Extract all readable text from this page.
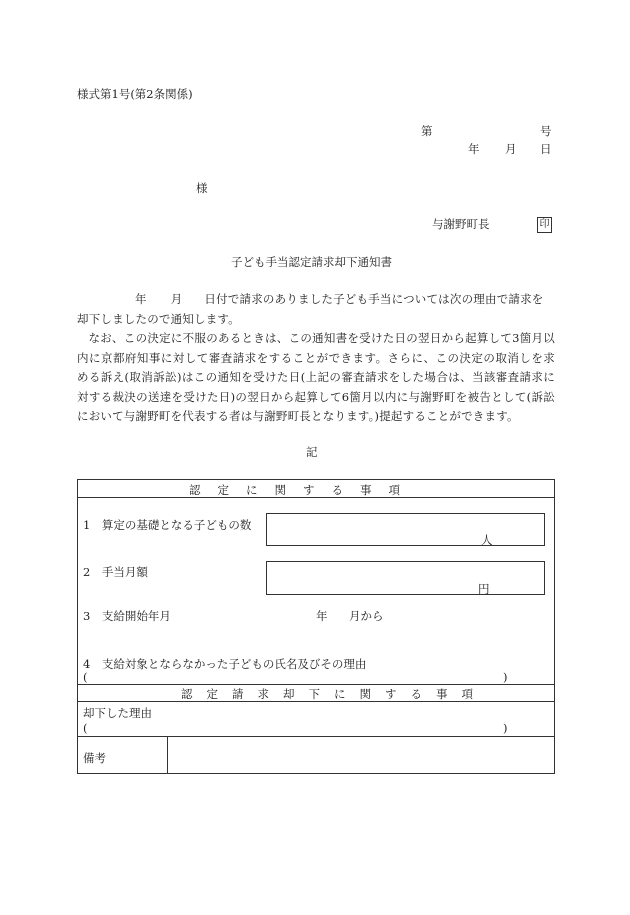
様式第1号(第2条関係)
第	号
年 月 日
様
与謝野町長	印
子ども手当認定請求却下通知書

年 月 日付で請求のありました子ども手当については次の理由で請求を

却下しましたので通知します。

なお、この決定に不服のあるときは、この通知書を受けた日の翌日から起算して3箇月以内に京都府知事に対して審査請求をすることができます。さらに、この決定の取消しを求める訴え(取消訴訟)はこの通知を受けた日(上記の審査請求をした場合は、当該審査請求に対する裁決の送達を受けた日)の翌日から起算して6箇月以内に与謝野町を被告として(訴訟において与謝野町を代表する者は与謝野町長となります。)提起することができます。

記
認定に関する事項
1　算定の基礎となる子どもの数
人
2　手当月額
円
3　支給開始年月	年 月から
4　支給対象とならなかった子どもの氏名及びその理由
(	)
認定請求却下に関する事項
却下した理由
(	)
備考
